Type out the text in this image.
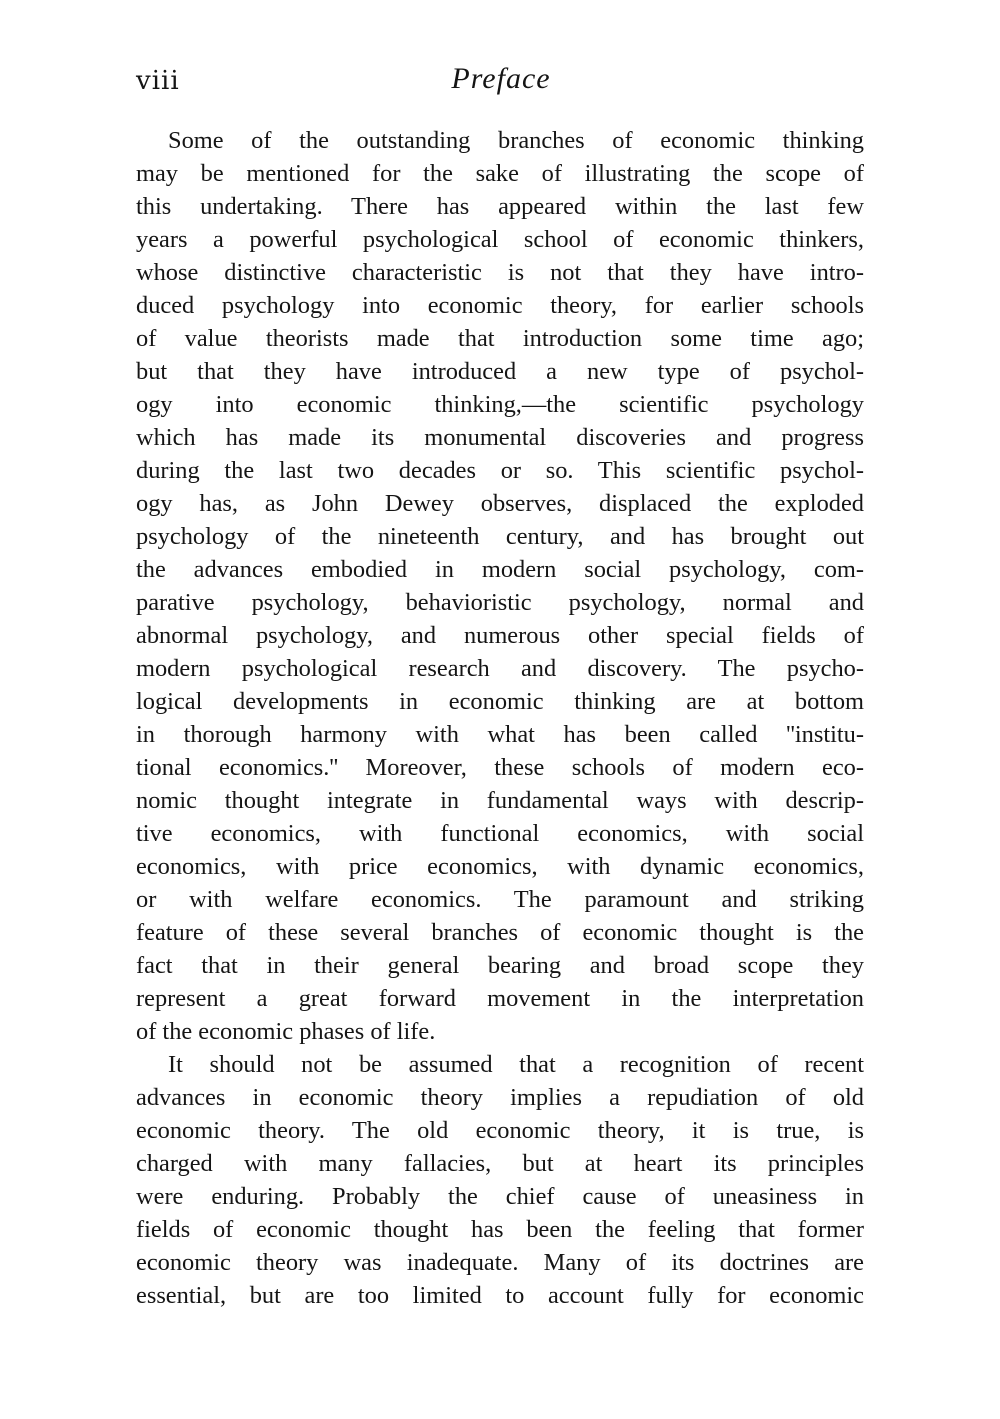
viii	Preface
Some of the outstanding branches of economic thinking
may be mentioned for the sake of illustrating the scope of
this undertaking. There has appeared within the last few
years a powerful psychological school of economic thinkers,
whose distinctive characteristic is not that they have intro-
duced psychology into economic theory, for earlier schools
of value theorists made that introduction some time ago;
but that they have introduced a new type of psychol-
ogy into economic thinking,—the scientific psychology
which has made its monumental discoveries and progress
during the last two decades or so. This scientific psychol-
ogy has, as John Dewey observes, displaced the exploded
psychology of the nineteenth century, and has brought out
the advances embodied in modern social psychology, com-
parative psychology, behavioristic psychology, normal and
abnormal psychology, and numerous other special fields of
modern psychological research and discovery. The psycho-
logical developments in economic thinking are at bottom
in thorough harmony with what has been called ''institu-
tional economics.'' Moreover, these schools of modern eco-
nomic thought integrate in fundamental ways with descrip-
tive economics, with functional economics, with social
economics, with price economics, with dynamic economics,
or with welfare economics. The paramount and striking
feature of these several branches of economic thought is the
fact that in their general bearing and broad scope they
represent a great forward movement in the interpretation
of the economic phases of life.
It should not be assumed that a recognition of recent
advances in economic theory implies a repudiation of old
economic theory. The old economic theory, it is true, is
charged with many fallacies, but at heart its principles
were enduring. Probably the chief cause of uneasiness in
fields of economic thought has been the feeling that former
economic theory was inadequate. Many of its doctrines are
essential, but are too limited to account fully for economic
